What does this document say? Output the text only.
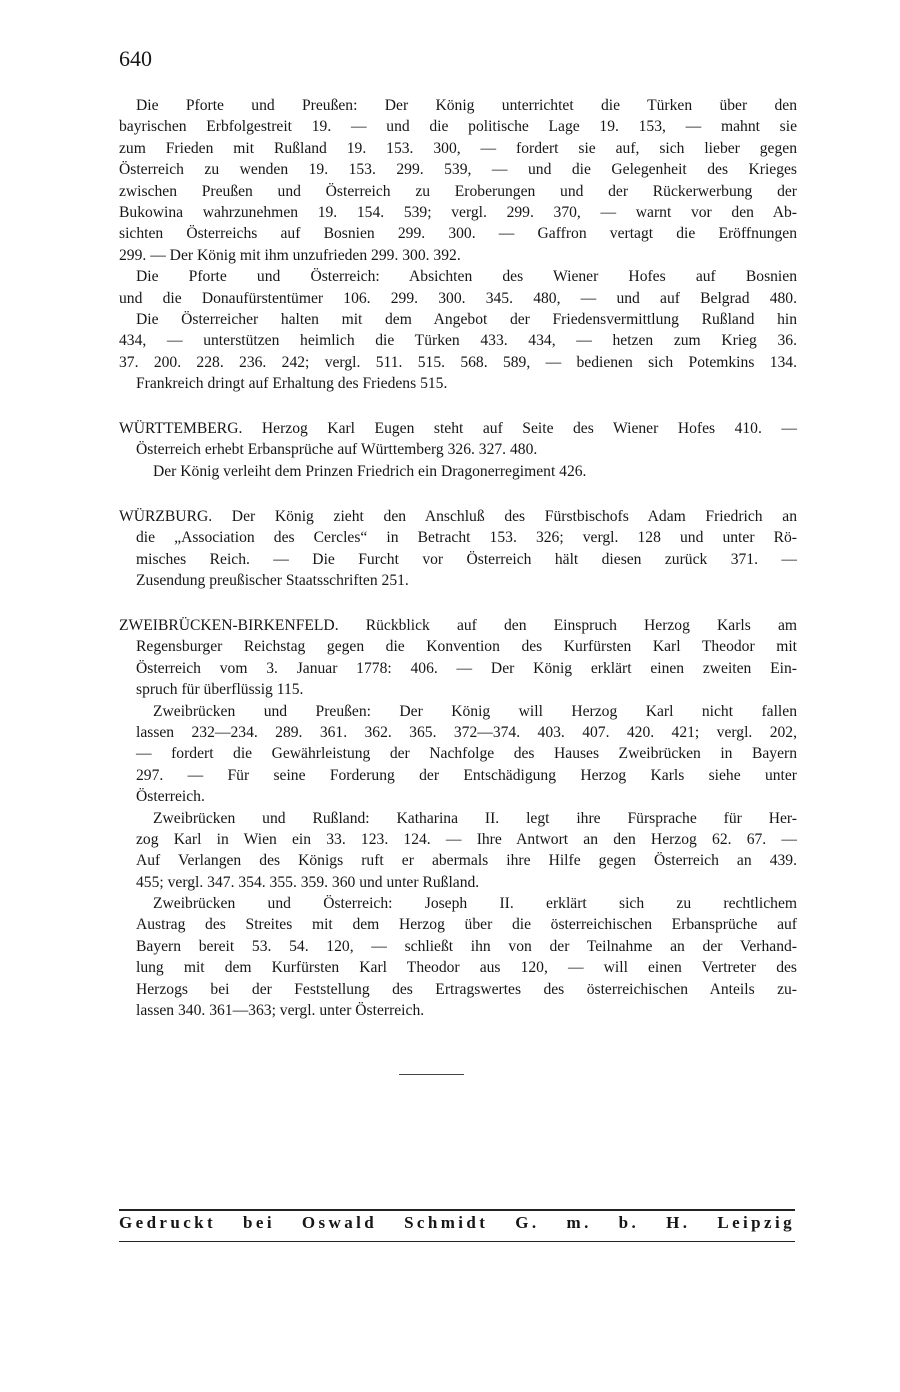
640
Die Pforte und Preußen: Der König unterrichtet die Türken über den
bayrischen Erbfolgestreit 19. — und die politische Lage 19. 153, — mahnt sie
zum Frieden mit Rußland 19. 153. 300, — fordert sie auf, sich lieber gegen
Österreich zu wenden 19. 153. 299. 539, — und die Gelegenheit des Krieges
zwischen Preußen und Österreich zu Eroberungen und der Rückerwerbung der
Bukowina wahrzunehmen 19. 154. 539; vergl. 299. 370, — warnt vor den Ab-
sichten Österreichs auf Bosnien 299. 300. — Gaffron vertagt die Eröffnungen
299. — Der König mit ihm unzufrieden 299. 300. 392.
Die Pforte und Österreich: Absichten des Wiener Hofes auf Bosnien
und die Donaufürstentümer 106. 299. 300. 345. 480, — und auf Belgrad 480.
Die Österreicher halten mit dem Angebot der Friedensvermittlung Rußland hin
434, — unterstützen heimlich die Türken 433. 434, — hetzen zum Krieg 36.
37. 200. 228. 236. 242; vergl. 511. 515. 568. 589, — bedienen sich Potemkins 134.
Frankreich dringt auf Erhaltung des Friedens 515.
WÜRTTEMBERG. Herzog Karl Eugen steht auf Seite des Wiener Hofes 410. —
Österreich erhebt Erbansprüche auf Württemberg 326. 327. 480.
Der König verleiht dem Prinzen Friedrich ein Dragonerregiment 426.
WÜRZBURG. Der König zieht den Anschluß des Fürstbischofs Adam Friedrich an
die „Association des Cercles“ in Betracht 153. 326; vergl. 128 und unter Rö-
misches Reich. — Die Furcht vor Österreich hält diesen zurück 371. —
Zusendung preußischer Staatsschriften 251.
ZWEIBRÜCKEN-BIRKENFELD. Rückblick auf den Einspruch Herzog Karls am
Regensburger Reichstag gegen die Konvention des Kurfürsten Karl Theodor mit
Österreich vom 3. Januar 1778: 406. — Der König erklärt einen zweiten Ein-
spruch für überflüssig 115.
Zweibrücken und Preußen: Der König will Herzog Karl nicht fallen
lassen 232—234. 289. 361. 362. 365. 372—374. 403. 407. 420. 421; vergl. 202,
— fordert die Gewährleistung der Nachfolge des Hauses Zweibrücken in Bayern
297. — Für seine Forderung der Entschädigung Herzog Karls siehe unter
Österreich.
Zweibrücken und Rußland: Katharina II. legt ihre Fürsprache für Her-
zog Karl in Wien ein 33. 123. 124. — Ihre Antwort an den Herzog 62. 67. —
Auf Verlangen des Königs ruft er abermals ihre Hilfe gegen Österreich an 439.
455; vergl. 347. 354. 355. 359. 360 und unter Rußland.
Zweibrücken und Österreich: Joseph II. erklärt sich zu rechtlichem
Austrag des Streites mit dem Herzog über die österreichischen Erbansprüche auf
Bayern bereit 53. 54. 120, — schließt ihn von der Teilnahme an der Verhand-
lung mit dem Kurfürsten Karl Theodor aus 120, — will einen Vertreter des
Herzogs bei der Feststellung des Ertragswertes des österreichischen Anteils zu-
lassen 340. 361—363; vergl. unter Österreich.
Gedruckt bei Oswald Schmidt G. m. b. H. Leipzig
